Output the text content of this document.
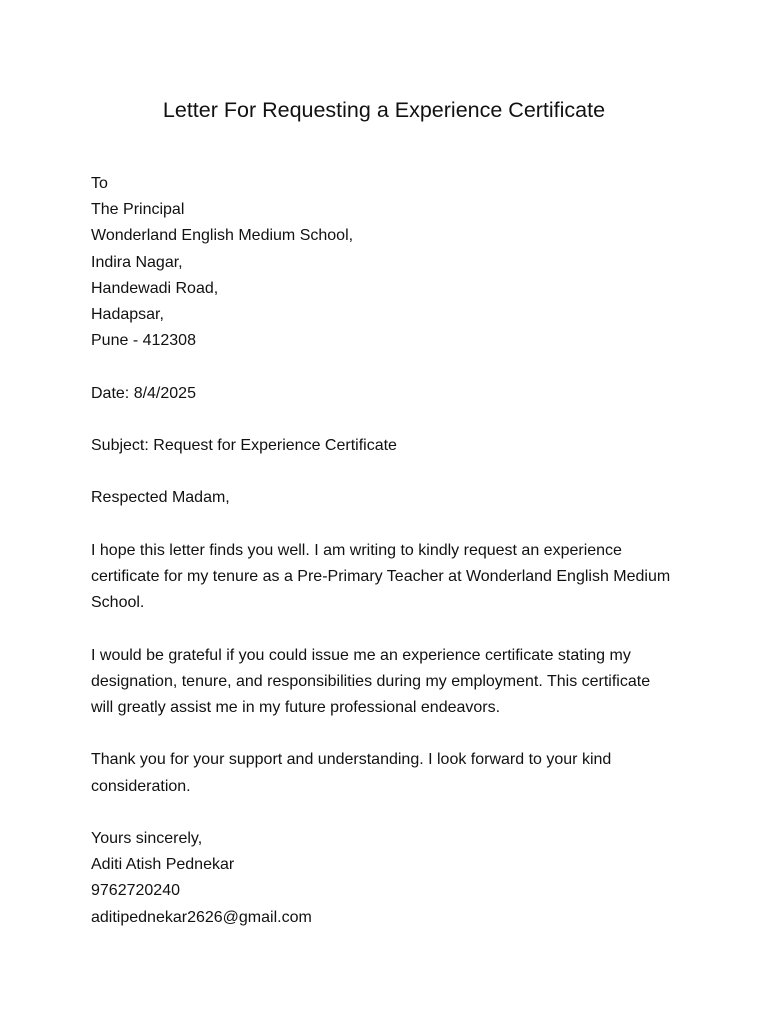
Letter For Requesting a Experience Certificate
To
The Principal
Wonderland English Medium School,
Indira Nagar,
Handewadi Road,
Hadapsar,
Pune - 412308
Date: 8/4/2025
Subject: Request for Experience Certificate
Respected Madam,
I hope this letter finds you well. I am writing to kindly request an experience
certificate for my tenure as a Pre-Primary Teacher at Wonderland English Medium
School.
I would be grateful if you could issue me an experience certificate stating my
designation, tenure, and responsibilities during my employment. This certificate
will greatly assist me in my future professional endeavors.
Thank you for your support and understanding. I look forward to your kind
consideration.
Yours sincerely,
Aditi Atish Pednekar
9762720240
aditipednekar2626@gmail.com
